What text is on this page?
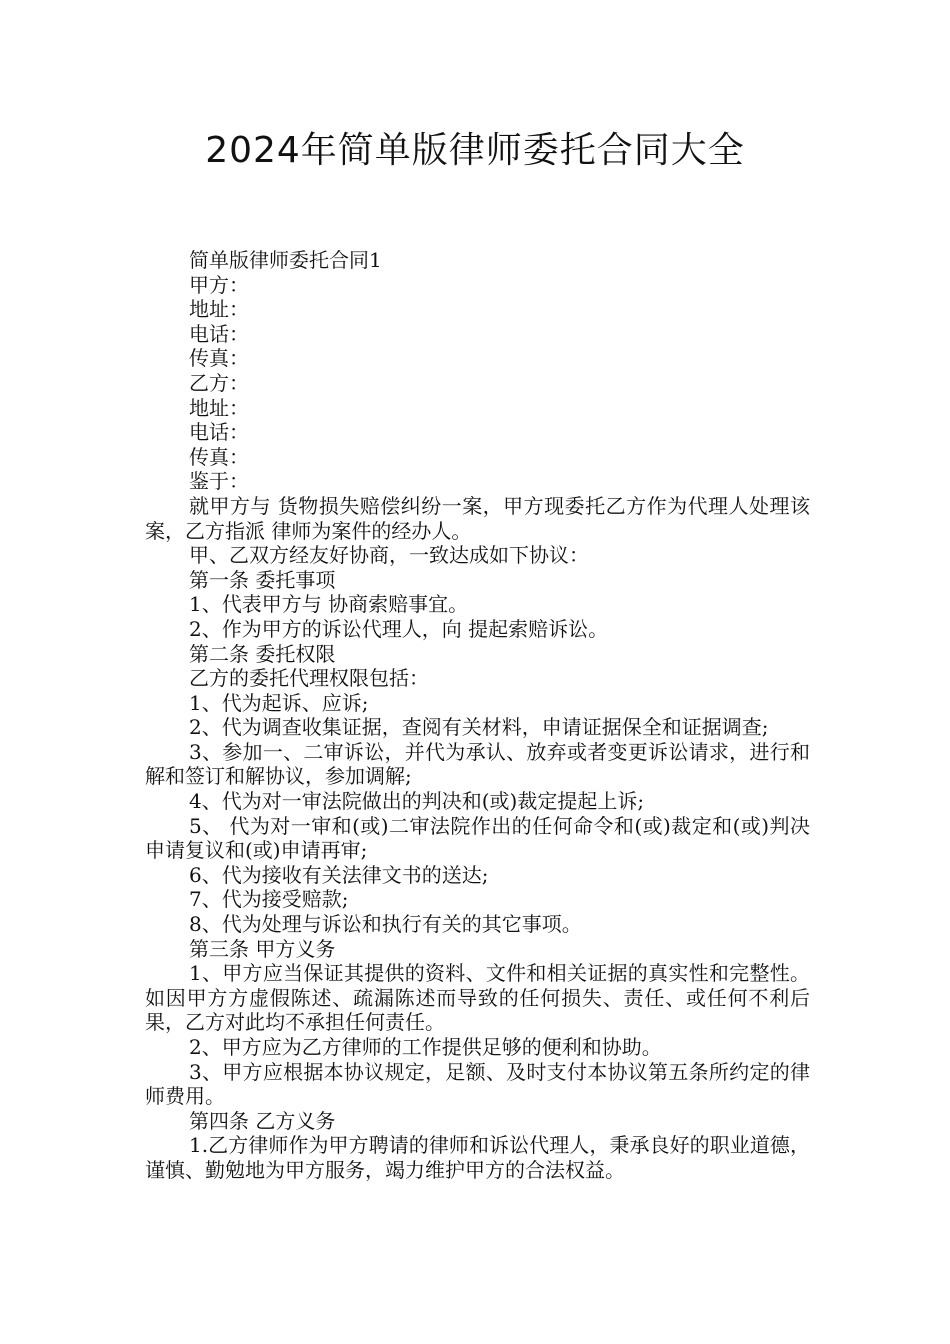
2024年简单版律师委托合同大全

简单版律师委托合同1

甲方：

地址：

电话：

传真：

乙方：

地址：

电话：

传真：

鉴于：

就甲方与 货物损失赔偿纠纷一案，甲方现委托乙方作为代理人处理该案，乙方指派 律师为案件的经办人。

甲、乙双方经友好协商，一致达成如下协议：

第一条 委托事项

1、代表甲方与 协商索赔事宜。

2、作为甲方的诉讼代理人，向 提起索赔诉讼。

第二条 委托权限

乙方的委托代理权限包括：

1、代为起诉、应诉;

2、代为调查收集证据，查阅有关材料，申请证据保全和证据调查;

3、参加一、二审诉讼，并代为承认、放弃或者变更诉讼请求，进行和解和签订和解协议，参加调解;

4、代为对一审法院做出的判决和(或)裁定提起上诉;

5、 代为对一审和(或)二审法院作出的任何命令和(或)裁定和(或)判决申请复议和(或)申请再审;

6、代为接收有关法律文书的送达;

7、代为接受赔款;

8、代为处理与诉讼和执行有关的其它事项。

第三条 甲方义务

1、甲方应当保证其提供的资料、文件和相关证据的真实性和完整性。如因甲方方虚假陈述、疏漏陈述而导致的任何损失、责任、或任何不利后果，乙方对此均不承担任何责任。

2、甲方应为乙方律师的工作提供足够的便利和协助。

3、甲方应根据本协议规定，足额、及时支付本协议第五条所约定的律师费用。

第四条 乙方义务

1.乙方律师作为甲方聘请的律师和诉讼代理人，秉承良好的职业道德，谨慎、勤勉地为甲方服务，竭力维护甲方的合法权益。
